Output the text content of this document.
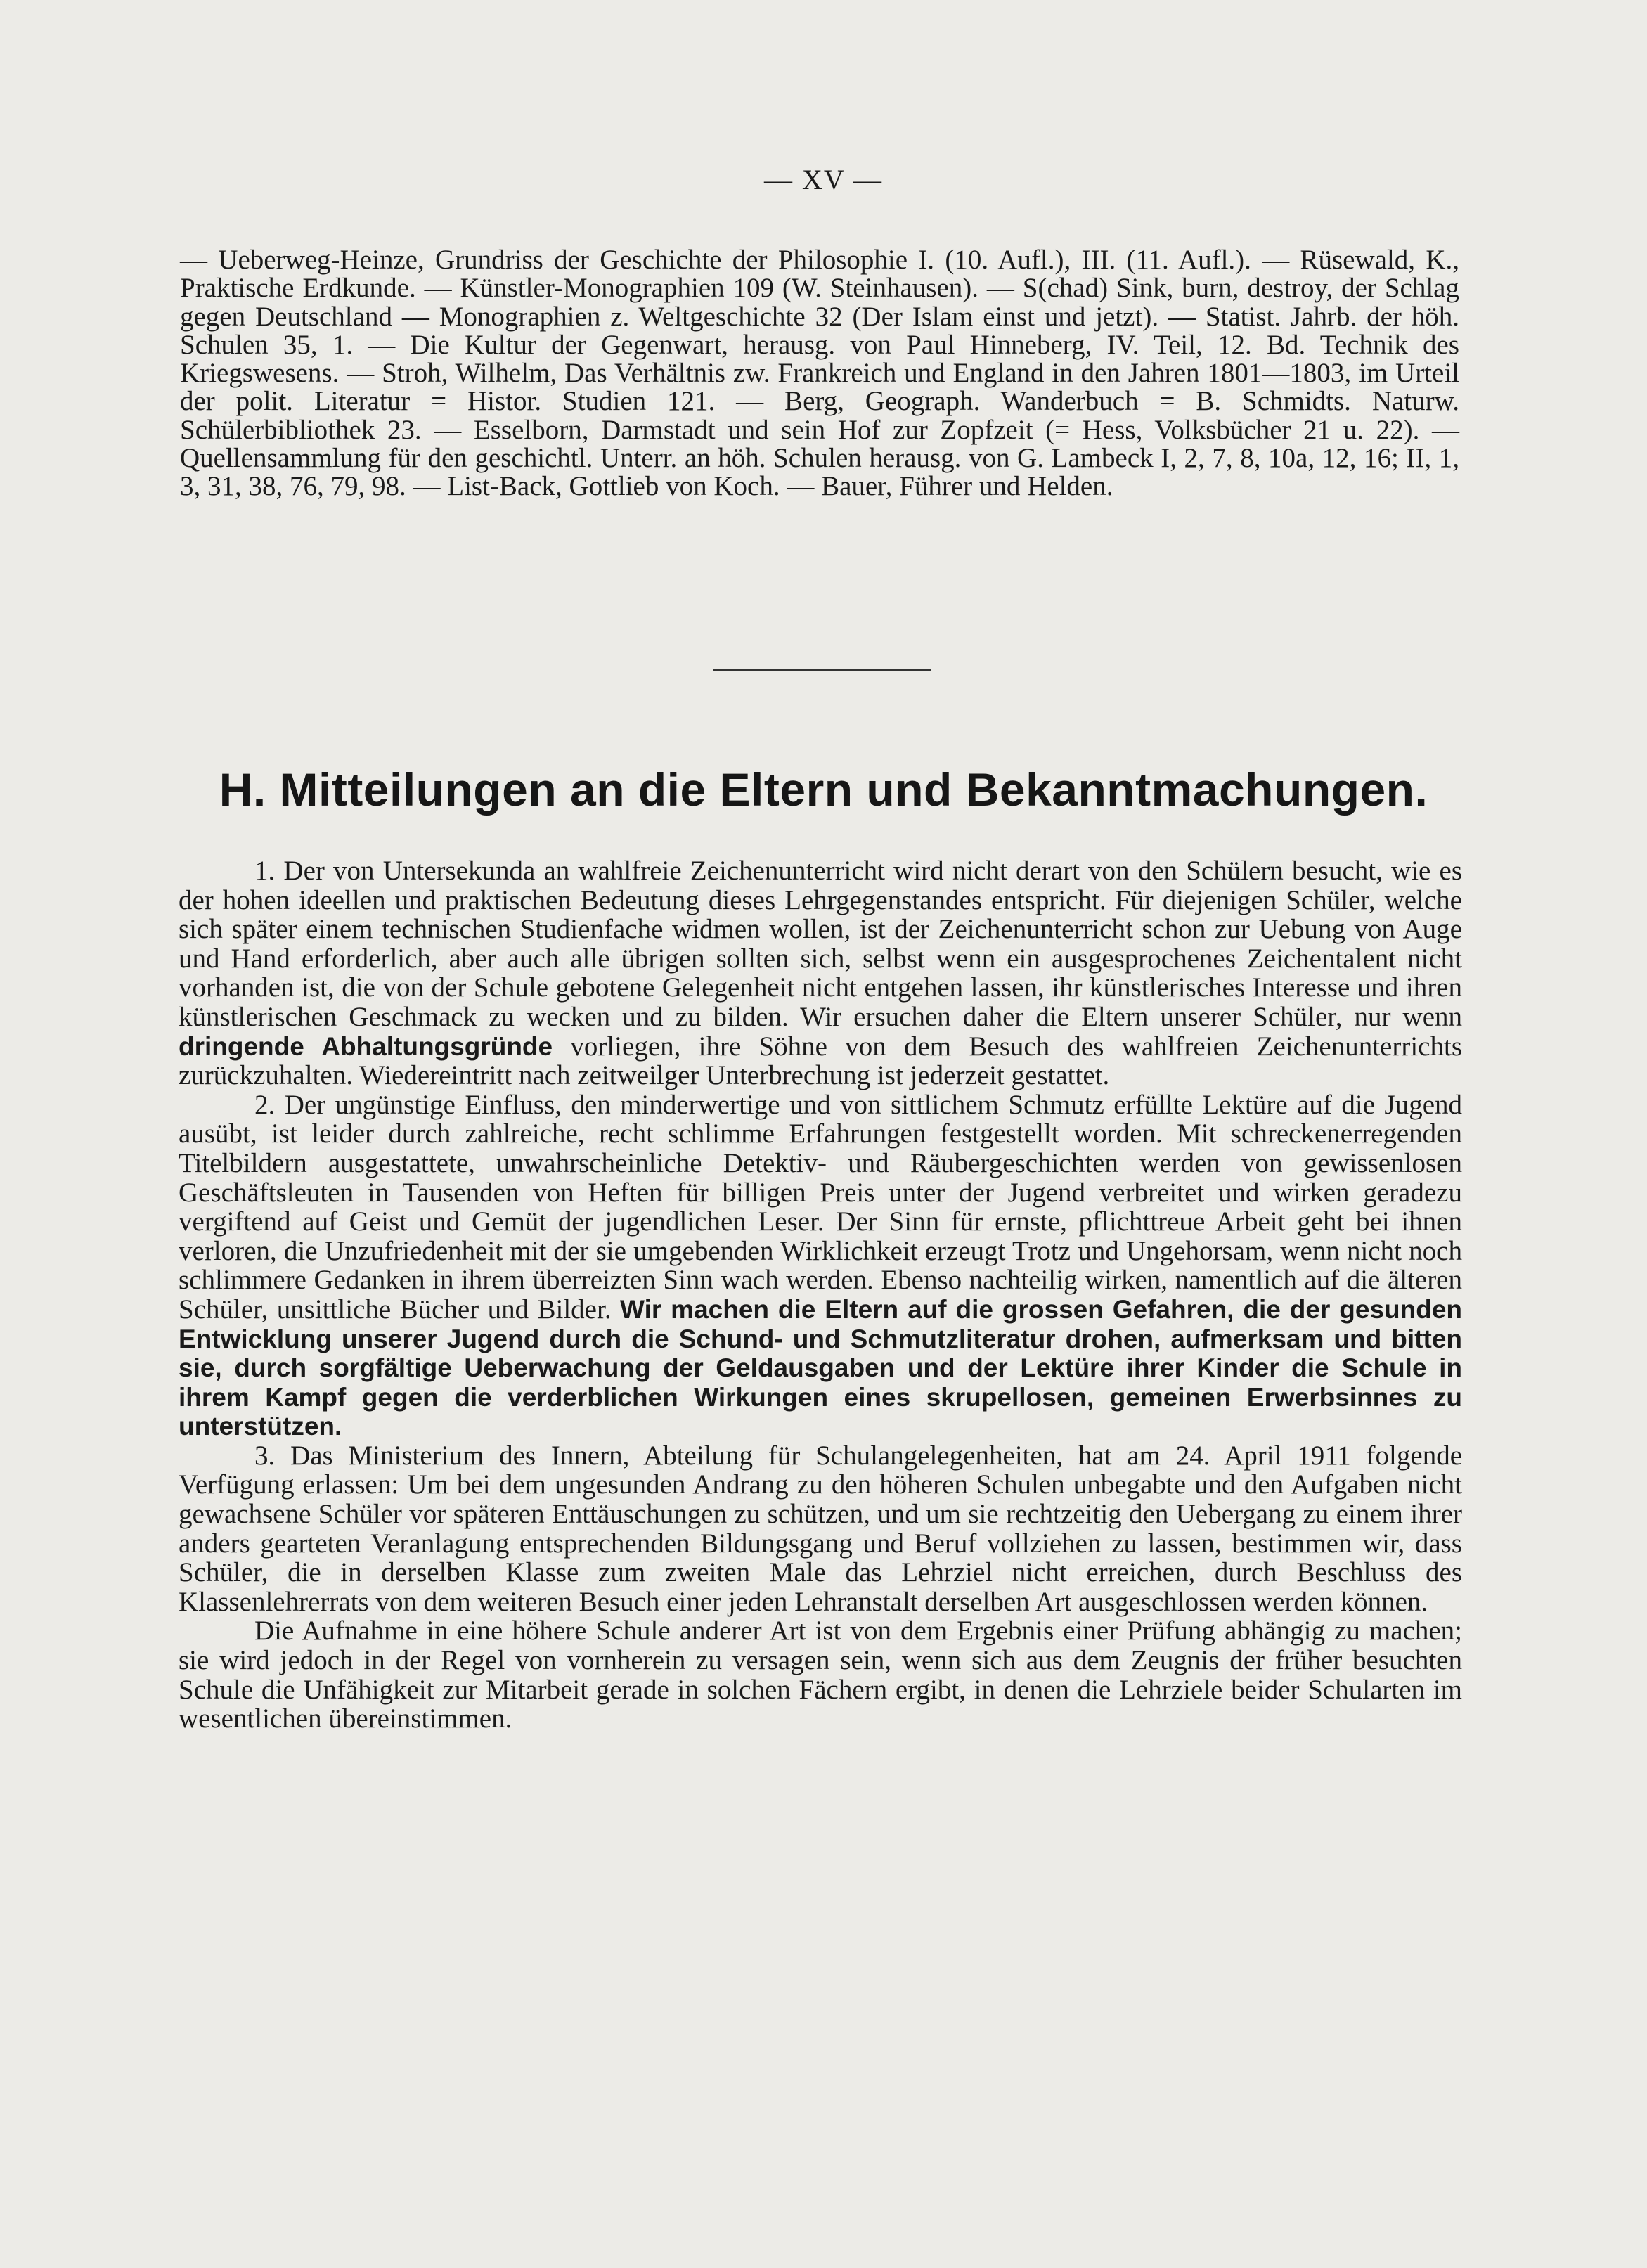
— XV —

— Ueberweg-Heinze, Grundriss der Geschichte der Philosophie I. (10. Aufl.), III. (11. Aufl.). — Rüsewald, K., Praktische Erdkunde. — Künstler-Monographien 109 (W. Steinhausen). — S(chad) Sink, burn, destroy, der Schlag gegen Deutschland — Monographien z. Weltgeschichte 32 (Der Islam einst und jetzt). — Statist. Jahrb. der höh. Schulen 35, 1. — Die Kultur der Gegenwart, herausg. von Paul Hinneberg, IV. Teil, 12. Bd. Technik des Kriegswesens. — Stroh, Wilhelm, Das Verhältnis zw. Frankreich und England in den Jahren 1801—1803, im Urteil der polit. Literatur = Histor. Studien 121. — Berg, Geograph. Wanderbuch = B. Schmidts. Naturw. Schülerbibliothek 23. — Esselborn, Darmstadt und sein Hof zur Zopfzeit (= Hess, Volksbücher 21 u. 22). — Quellensammlung für den geschichtl. Unterr. an höh. Schulen herausg. von G. Lambeck I, 2, 7, 8, 10a, 12, 16; II, 1, 3, 31, 38, 76, 79, 98. — List-Back, Gottlieb von Koch. — Bauer, Führer und Helden.

H. Mitteilungen an die Eltern und Bekanntmachungen.

1. Der von Untersekunda an wahlfreie Zeichenunterricht wird nicht derart von den Schülern besucht, wie es der hohen ideellen und praktischen Bedeutung dieses Lehrgegenstandes entspricht. Für diejenigen Schüler, welche sich später einem technischen Studienfache widmen wollen, ist der Zeichenunterricht schon zur Uebung von Auge und Hand erforderlich, aber auch alle übrigen sollten sich, selbst wenn ein ausgesprochenes Zeichentalent nicht vorhanden ist, die von der Schule gebotene Gelegenheit nicht entgehen lassen, ihr künstlerisches Interesse und ihren künstlerischen Geschmack zu wecken und zu bilden. Wir ersuchen daher die Eltern unserer Schüler, nur wenn dringende Abhaltungsgründe vorliegen, ihre Söhne von dem Besuch des wahlfreien Zeichenunterrichts zurückzuhalten. Wiedereintritt nach zeitweilger Unterbrechung ist jederzeit gestattet.

2. Der ungünstige Einfluss, den minderwertige und von sittlichem Schmutz erfüllte Lektüre auf die Jugend ausübt, ist leider durch zahlreiche, recht schlimme Erfahrungen festgestellt worden. Mit schreckenerregenden Titelbildern ausgestattete, unwahrscheinliche Detektiv- und Räubergeschichten werden von gewissenlosen Geschäftsleuten in Tausenden von Heften für billigen Preis unter der Jugend verbreitet und wirken geradezu vergiftend auf Geist und Gemüt der jugendlichen Leser. Der Sinn für ernste, pflichttreue Arbeit geht bei ihnen verloren, die Unzufriedenheit mit der sie umgebenden Wirklichkeit erzeugt Trotz und Ungehorsam, wenn nicht noch schlimmere Gedanken in ihrem überreizten Sinn wach werden. Ebenso nachteilig wirken, namentlich auf die älteren Schüler, unsittliche Bücher und Bilder. Wir machen die Eltern auf die grossen Gefahren, die der gesunden Entwicklung unserer Jugend durch die Schund- und Schmutzliteratur drohen, aufmerksam und bitten sie, durch sorgfältige Ueberwachung der Geldausgaben und der Lektüre ihrer Kinder die Schule in ihrem Kampf gegen die verderblichen Wirkungen eines skrupellosen, gemeinen Erwerbsinnes zu unterstützen.

3. Das Ministerium des Innern, Abteilung für Schulangelegenheiten, hat am 24. April 1911 folgende Verfügung erlassen: Um bei dem ungesunden Andrang zu den höheren Schulen unbegabte und den Aufgaben nicht gewachsene Schüler vor späteren Enttäuschungen zu schützen, und um sie rechtzeitig den Uebergang zu einem ihrer anders gearteten Veranlagung entsprechenden Bildungsgang und Beruf vollziehen zu lassen, bestimmen wir, dass Schüler, die in derselben Klasse zum zweiten Male das Lehrziel nicht erreichen, durch Beschluss des Klassenlehrerrats von dem weiteren Besuch einer jeden Lehranstalt derselben Art ausgeschlossen werden können.

Die Aufnahme in eine höhere Schule anderer Art ist von dem Ergebnis einer Prüfung abhängig zu machen; sie wird jedoch in der Regel von vornherein zu versagen sein, wenn sich aus dem Zeugnis der früher besuchten Schule die Unfähigkeit zur Mitarbeit gerade in solchen Fächern ergibt, in denen die Lehrziele beider Schularten im wesentlichen übereinstimmen.
